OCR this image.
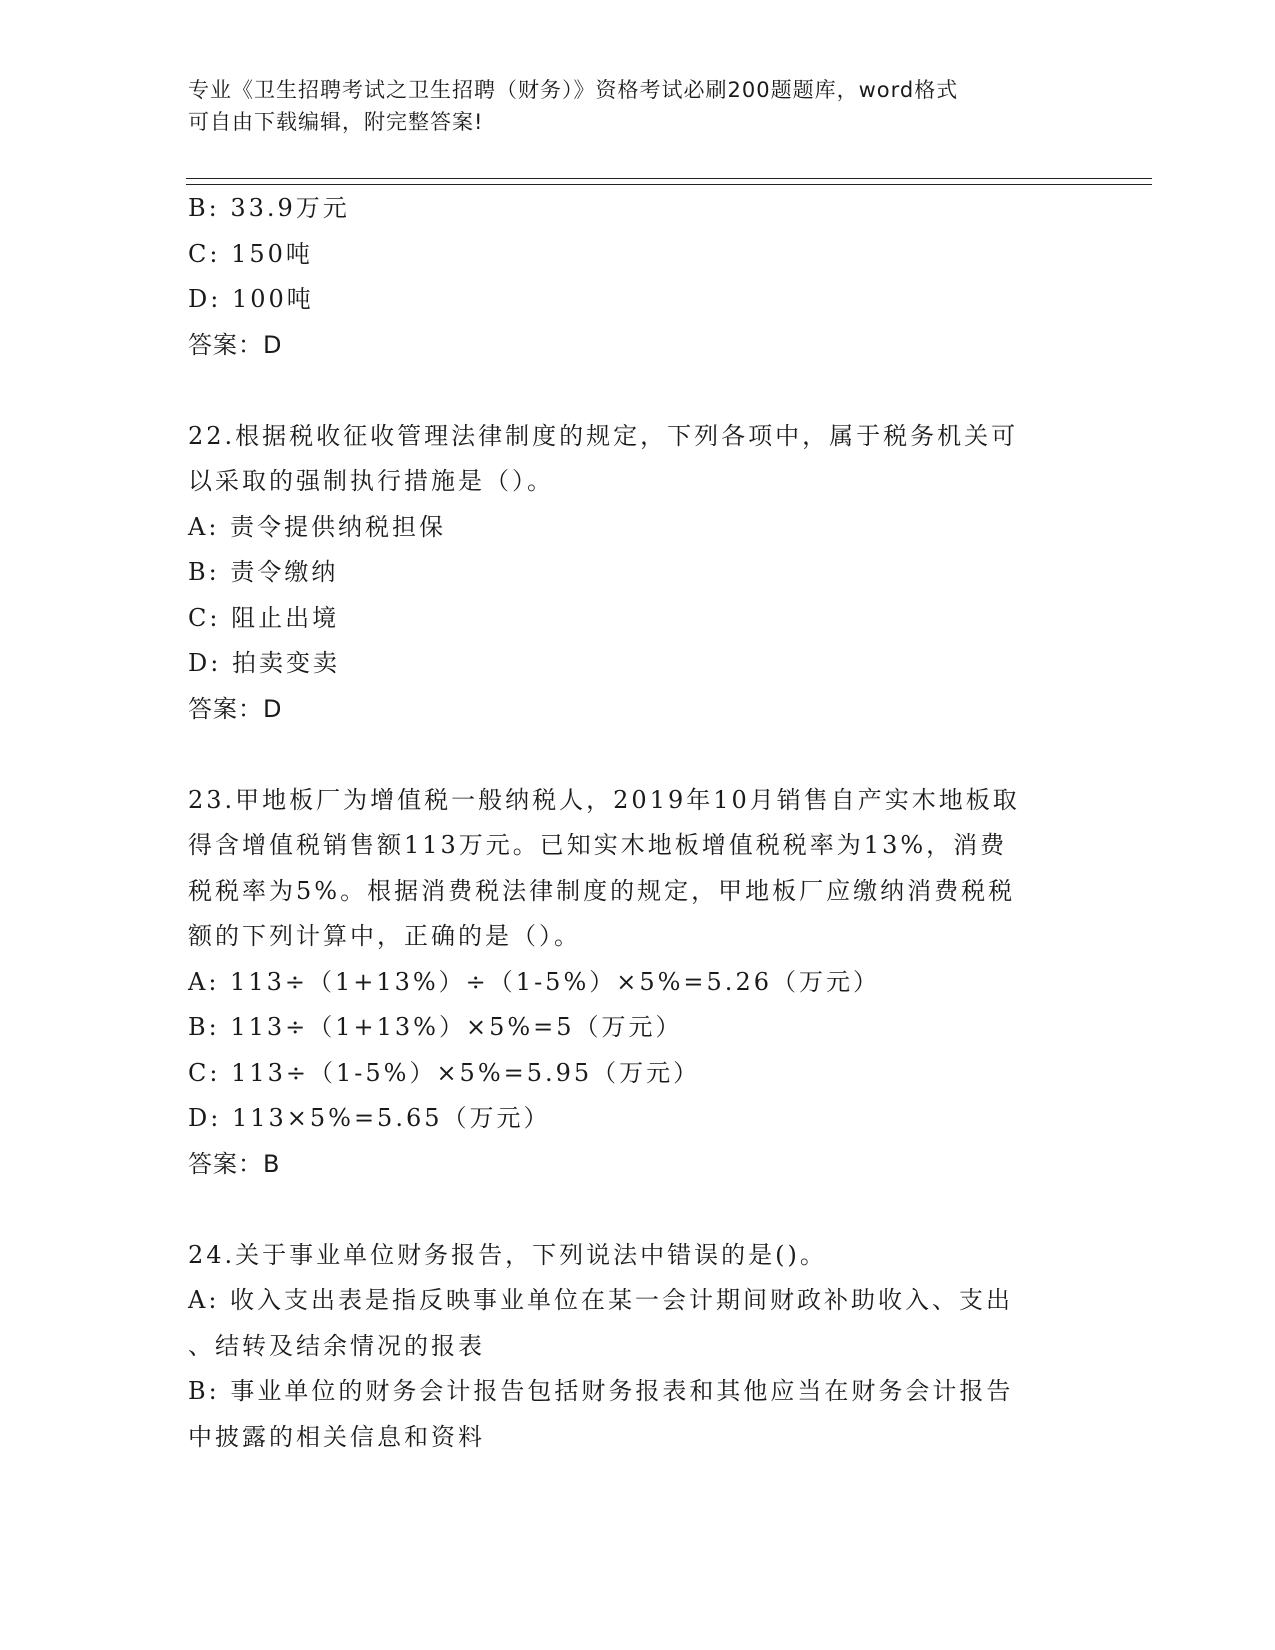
专业《卫生招聘考试之卫生招聘（财务）》资格考试必刷200题题库，word格式
可自由下载编辑，附完整答案!
B: 33.9万元
C: 150吨
D: 100吨
答案：D
22.根据税收征收管理法律制度的规定，下列各项中，属于税务机关可
以采取的强制执行措施是（）。
A: 责令提供纳税担保
B: 责令缴纳
C: 阻止出境
D: 拍卖变卖
答案：D
23.甲地板厂为增值税一般纳税人，2019年10月销售自产实木地板取
得含增值税销售额113万元。已知实木地板增值税税率为13%，消费
税税率为5%。根据消费税法律制度的规定，甲地板厂应缴纳消费税税
额的下列计算中，正确的是（）。
A: 113÷（1+13%）÷（1-5%）×5%=5.26（万元）
B: 113÷（1+13%）×5%=5（万元）
C: 113÷（1-5%）×5%=5.95（万元）
D: 113×5%=5.65（万元）
答案：B
24.关于事业单位财务报告，下列说法中错误的是()。
A: 收入支出表是指反映事业单位在某一会计期间财政补助收入、支出
、结转及结余情况的报表
B: 事业单位的财务会计报告包括财务报表和其他应当在财务会计报告
中披露的相关信息和资料
